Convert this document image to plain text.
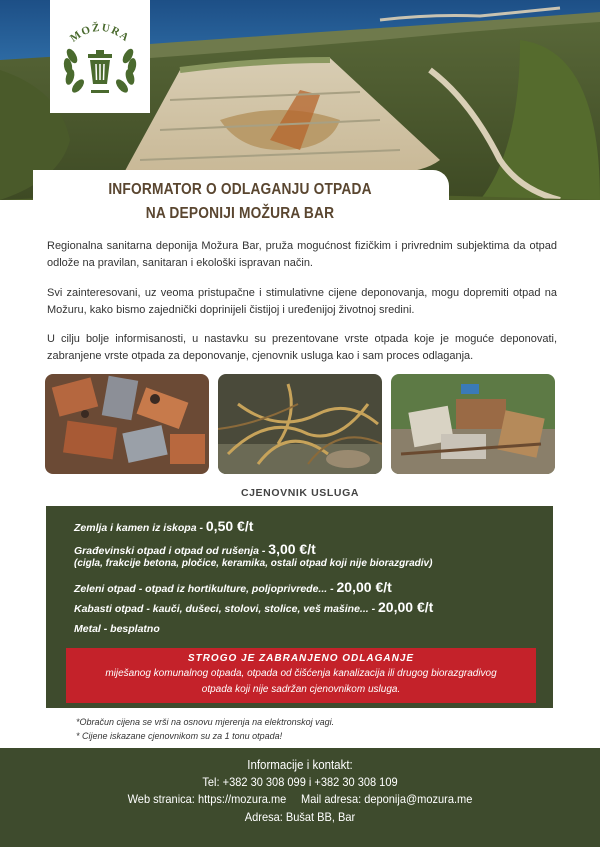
MOŽURA
INFORMATOR O ODLAGANJU OTPADA
NA DEPONIJI MOŽURA BAR
Regionalna sanitarna deponija Možura Bar, pruža mogućnost fizičkim i privrednim subjektima da otpad odlože na pravilan, sanitaran i ekološki ispravan način.
Svi zainteresovani, uz veoma pristupačne i stimulativne cijene deponovanja, mogu dopremiti otpad na Možuru, kako bismo zajednički doprinijeli čistijoj i uređenijoj životnoj sredini.
U cilju bolje informisanosti, u nastavku su prezentovane vrste otpada koje je moguće deponovati, zabranjene vrste otpada za deponovanje, cjenovnik usluga kao i sam proces odlaganja.
CJENOVNIK USLUGA
Zemlja i kamen iz iskopa - 0,50 €/t
Građevinski otpad i otpad od rušenja - 3,00 €/t
(cigla, frakcije betona, pločice, keramika, ostali otpad koji nije biorazgradiv)
Zeleni otpad - otpad iz hortikulture, poljoprivrede... - 20,00 €/t
Kabasti otpad - kauči, dušeci, stolovi, stolice, veš mašine... - 20,00 €/t
Metal - besplatno
STROGO JE ZABRANJENO ODLAGANJE
miješanog komunalnog otpada, otpada od čišćenja kanalizacija ili drugog biorazgradivog
otpada koji nije sadržan cjenovnikom usluga.
*Obračun cijena se vrši na osnovu mjerenja na elektronskoj vagi.
* Cijene iskazane cjenovnikom su za 1 tonu otpada!
Informacije i kontakt:
Tel: +382 30 308 099 i +382 30 308 109
Web stranica: https://mozura.me Mail adresa: deponija@mozura.me
Adresa: Bušat BB, Bar
